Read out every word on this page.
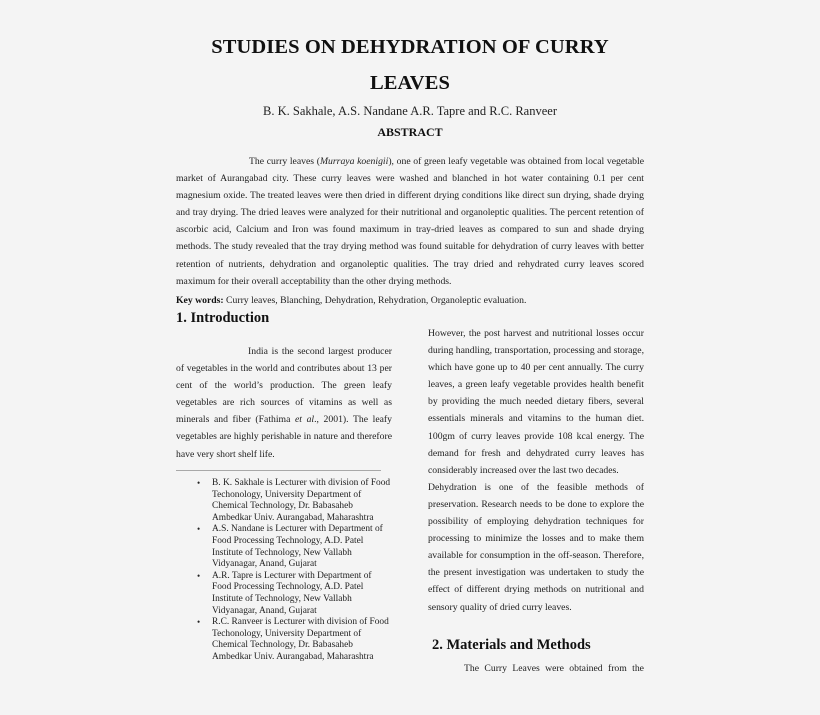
STUDIES ON DEHYDRATION OF CURRY
LEAVES
B. K. Sakhale, A.S. Nandane A.R. Tapre and R.C. Ranveer
ABSTRACT
The curry leaves (Murraya koenigii), one of green leafy vegetable was obtained from local vegetable market of Aurangabad city. These curry leaves were washed and blanched in hot water containing 0.1 per cent magnesium oxide. The treated leaves were then dried in different drying conditions like direct sun drying, shade drying and tray drying. The dried leaves were analyzed for their nutritional and organoleptic qualities. The percent retention of ascorbic acid, Calcium and Iron was found maximum in tray-dried leaves as compared to sun and shade drying methods. The study revealed that the tray drying method was found suitable for dehydration of curry leaves with better retention of nutrients, dehydration and organoleptic qualities. The tray dried and rehydrated curry leaves scored maximum for their overall acceptability than the other drying methods.
Key words: Curry leaves, Blanching, Dehydration, Rehydration, Organoleptic evaluation.
1. Introduction
India is the second largest producer of vegetables in the world and contributes about 13 per cent of the world’s production. The green leafy vegetables are rich sources of vitamins as well as minerals and fiber (Fathima et al., 2001). The leafy vegetables are highly perishable in nature and therefore have very short shelf life.
• B. K. Sakhale is Lecturer with division of Food Techonology, University Department of Chemical Technology, Dr. Babasaheb Ambedkar Univ. Aurangabad, Maharashtra
• A.S. Nandane is Lecturer with Department of Food Processing Technology, A.D. Patel Institute of Technology, New Vallabh Vidyanagar, Anand, Gujarat
• A.R. Tapre is Lecturer with Department of Food Processing Technology, A.D. Patel Institute of Technology, New Vallabh Vidyanagar, Anand, Gujarat
• R.C. Ranveer is Lecturer with division of Food Techonology, University Department of Chemical Technology, Dr. Babasaheb Ambedkar Univ. Aurangabad, Maharashtra

However, the post harvest and nutritional losses occur during handling, transportation, processing and storage, which have gone up to 40 per cent annually. The curry leaves, a green leafy vegetable provides health benefit by providing the much needed dietary fibers, several essentials minerals and vitamins to the human diet. 100gm of curry leaves provide 108 kcal energy. The demand for fresh and dehydrated curry leaves has considerably increased over the last two decades.

Dehydration is one of the feasible methods of preservation. Research needs to be done to explore the possibility of employing dehydration techniques for processing to minimize the losses and to make them available for consumption in the off-season. Therefore, the present investigation was undertaken to study the effect of different drying methods on nutritional and sensory quality of dried curry leaves.

2. Materials and Methods
The Curry Leaves were obtained from the
